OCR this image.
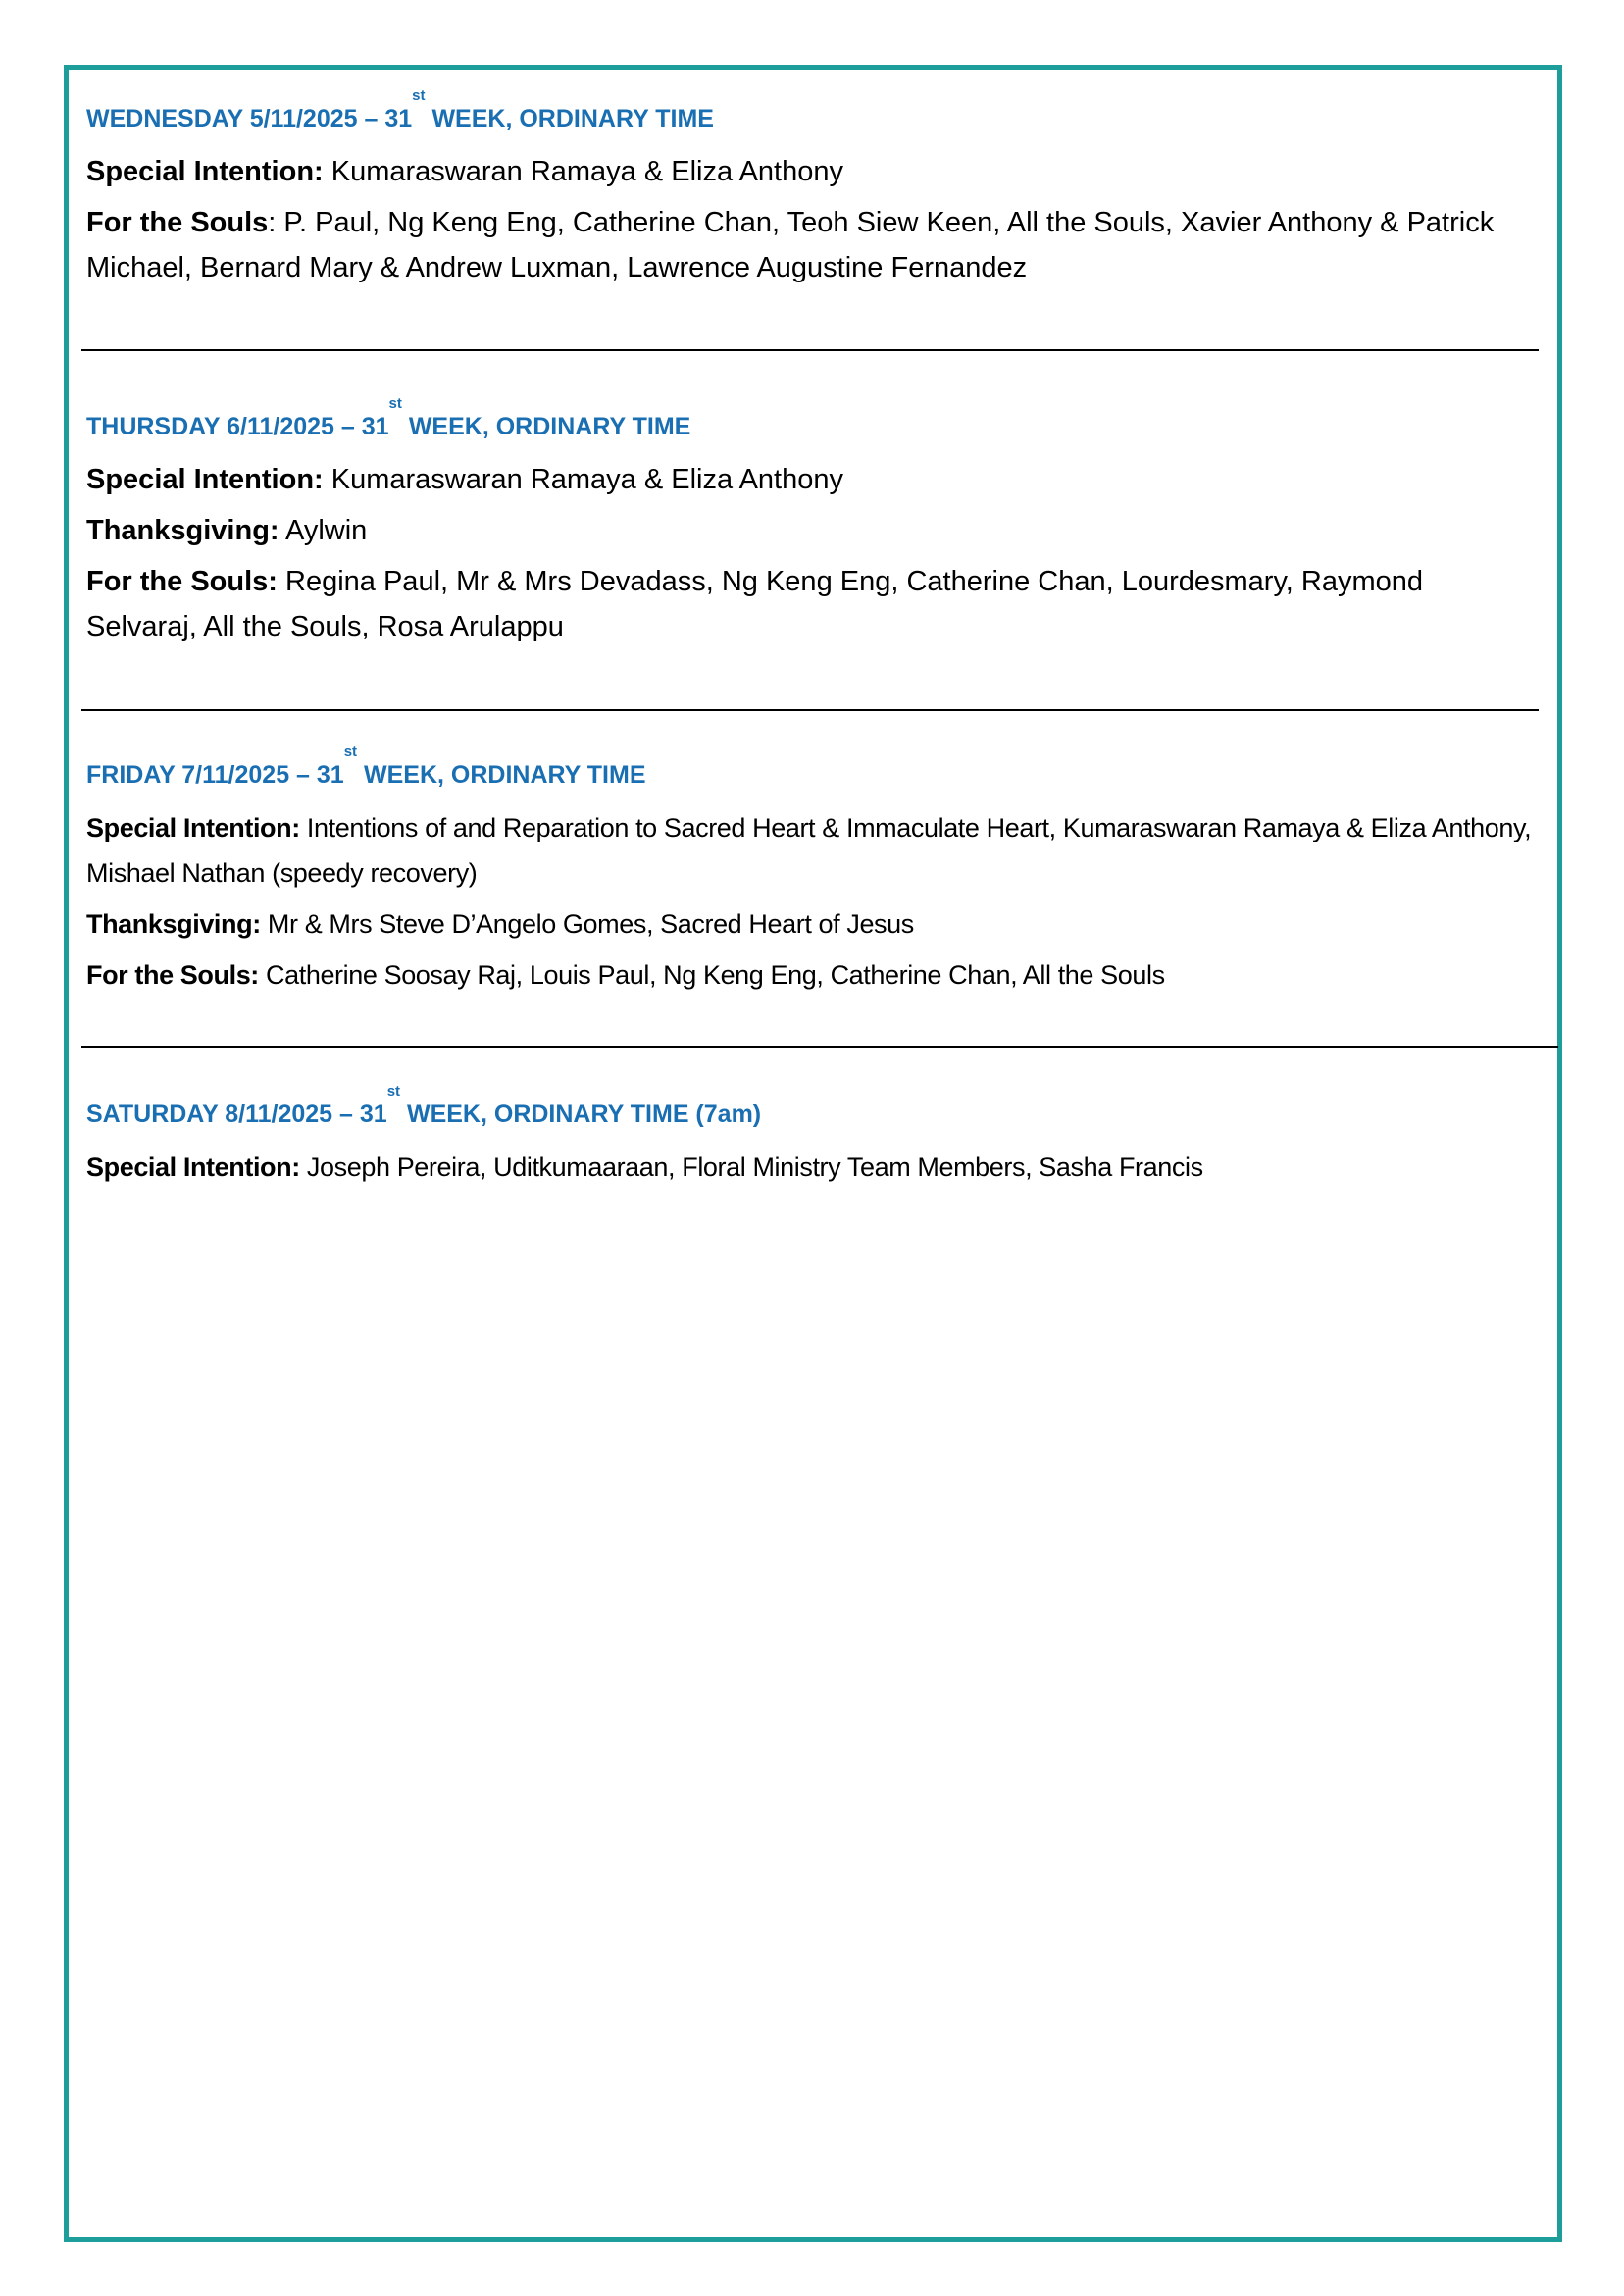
WEDNESDAY 5/11/2025 – 31st WEEK, ORDINARY TIME
Special Intention: Kumaraswaran Ramaya & Eliza Anthony
For the Souls: P. Paul, Ng Keng Eng, Catherine Chan, Teoh Siew Keen, All the Souls, Xavier Anthony & Patrick Michael, Bernard Mary & Andrew Luxman, Lawrence Augustine Fernandez
THURSDAY 6/11/2025 – 31st WEEK, ORDINARY TIME
Special Intention: Kumaraswaran Ramaya & Eliza Anthony
Thanksgiving: Aylwin
For the Souls: Regina Paul, Mr & Mrs Devadass, Ng Keng Eng, Catherine Chan, Lourdesmary, Raymond Selvaraj, All the Souls, Rosa Arulappu
FRIDAY 7/11/2025 – 31st WEEK, ORDINARY TIME
Special Intention: Intentions of and Reparation to Sacred Heart & Immaculate Heart, Kumaraswaran Ramaya & Eliza Anthony, Mishael Nathan (speedy recovery)
Thanksgiving: Mr & Mrs Steve D’Angelo Gomes, Sacred Heart of Jesus
For the Souls: Catherine Soosay Raj, Louis Paul, Ng Keng Eng, Catherine Chan, All the Souls
SATURDAY 8/11/2025 – 31st WEEK, ORDINARY TIME (7am)
Special Intention: Joseph Pereira, Uditkumaaraan, Floral Ministry Team Members, Sasha Francis
